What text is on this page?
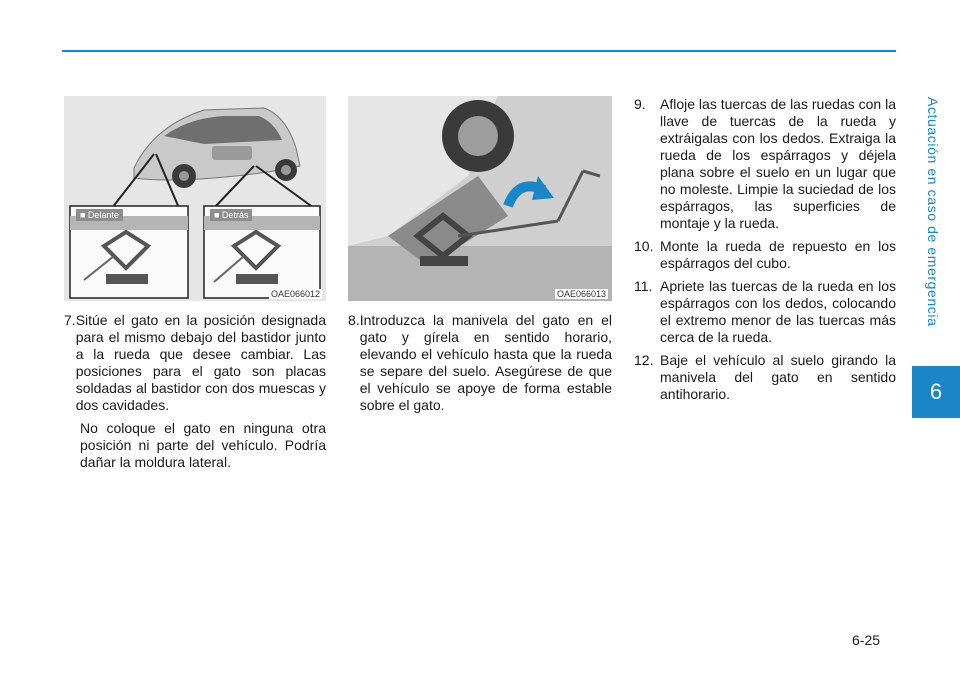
Actuación en caso de emergencia
6
■ Delante	■ Detrás
OAE066012	OAE066013
7. Sitúe el gato en la posición designada para el mismo debajo del bastidor junto a la rueda que desee cambiar. Las posiciones para el gato son placas soldadas al bastidor con dos muescas y dos cavidades.
No coloque el gato en ninguna otra posición ni parte del vehículo. Podría dañar la moldura lateral.
8. Introduzca la manivela del gato en el gato y gírela en sentido horario, elevando el vehículo hasta que la rueda se separe del suelo. Asegúrese de que el vehículo se apoye de forma estable sobre el gato.
9.	Afloje las tuercas de las ruedas con la llave de tuercas de la rueda y extráigalas con los dedos. Extraiga la rueda de los espárragos y déjela plana sobre el suelo en un lugar que no moleste. Limpie la suciedad de los espárragos, las superficies de montaje y la rueda.
10. Monte la rueda de repuesto en los espárragos del cubo.
11. Apriete las tuercas de la rueda en los espárragos con los dedos, colocando el extremo menor de las tuercas más cerca de la rueda.
12. Baje el vehículo al suelo girando la manivela del gato en sentido antihorario.
6-25
